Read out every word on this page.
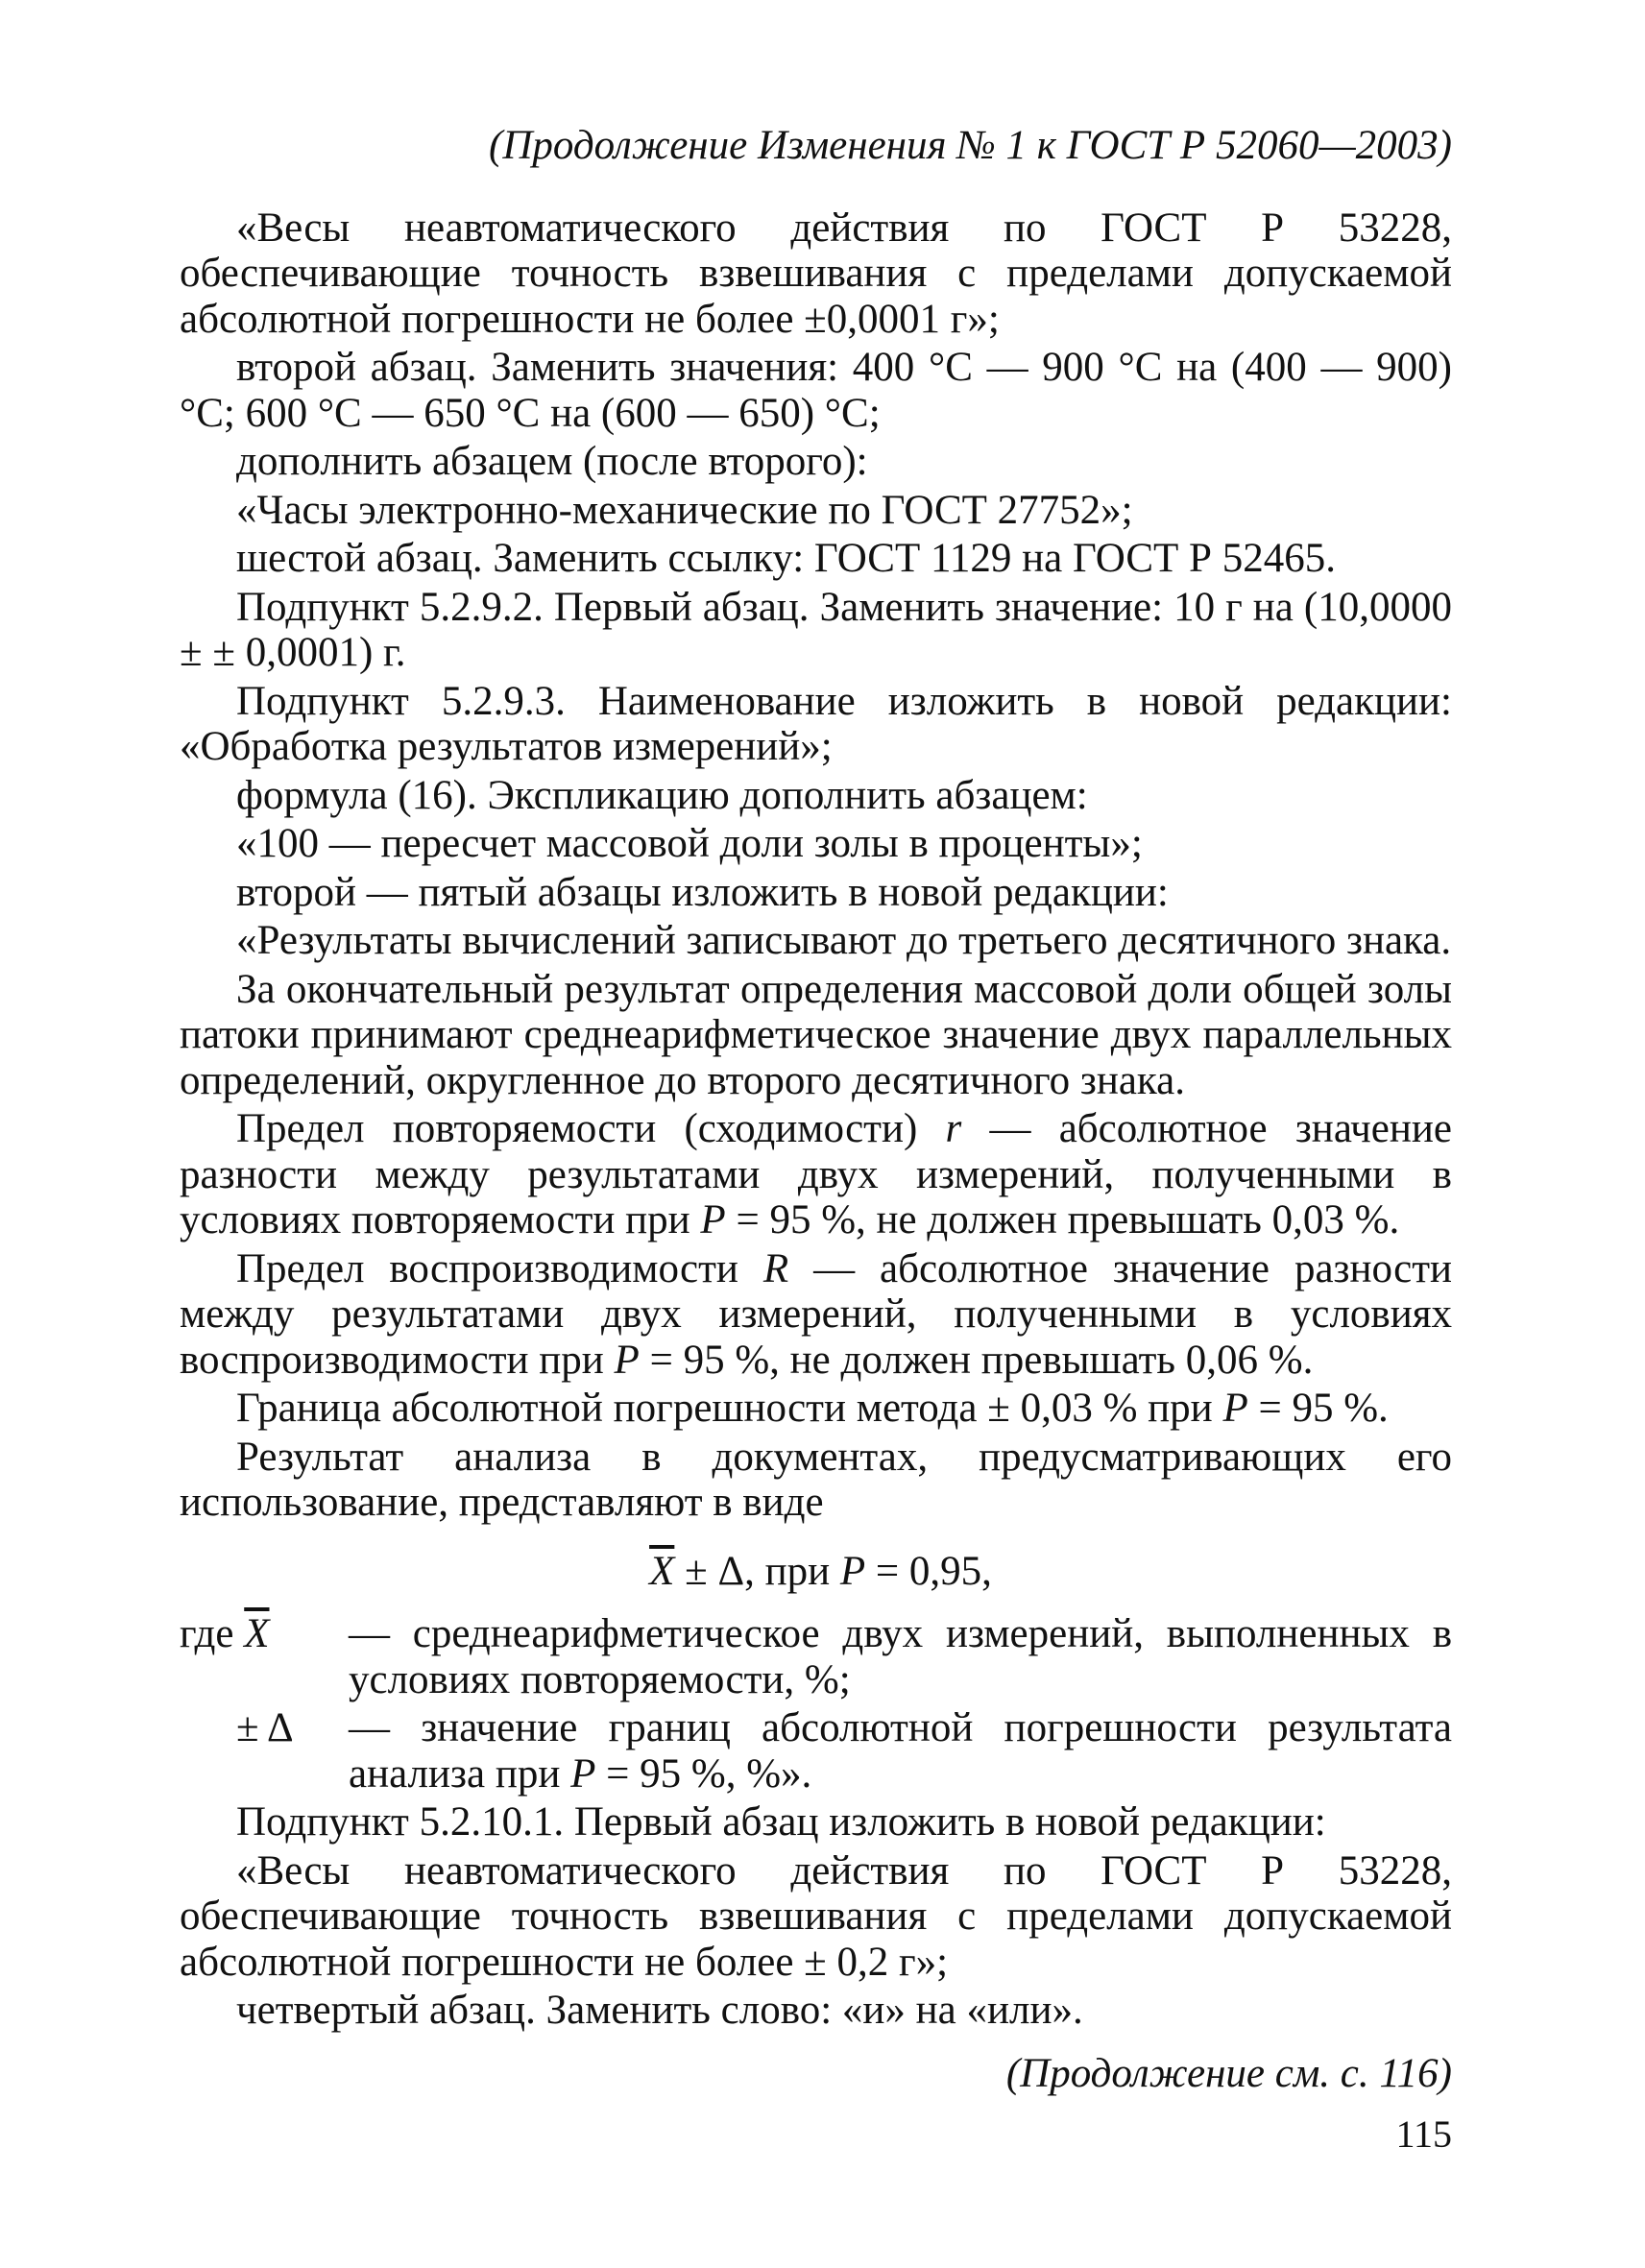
(Продолжение Изменения № 1 к ГОСТ Р 52060—2003)

«Весы неавтоматического действия по ГОСТ Р 53228, обеспечивающие точность взвешивания с пределами допускаемой абсолютной погрешности не более ±0,0001 г»;

второй абзац. Заменить значения: 400 °С — 900 °С на (400 — 900) °С; 600 °С — 650 °С на (600 — 650) °С;

дополнить абзацем (после второго):

«Часы электронно-механические по ГОСТ 27752»;

шестой абзац. Заменить ссылку: ГОСТ 1129 на ГОСТ Р 52465.

Подпункт 5.2.9.2. Первый абзац. Заменить значение: 10 г на (10,0000 ± ± 0,0001) г.

Подпункт 5.2.9.3. Наименование изложить в новой редакции: «Обработка результатов измерений»;

формула (16). Экспликацию дополнить абзацем:

«100 — пересчет массовой доли золы в проценты»;

второй — пятый абзацы изложить в новой редакции:

«Результаты вычислений записывают до третьего десятичного знака.

За окончательный результат определения массовой доли общей золы патоки принимают среднеарифметическое значение двух параллельных определений, округленное до второго десятичного знака.

Предел повторяемости (сходимости) r — абсолютное значение разности между результатами двух измерений, полученными в условиях повторяемости при P = 95 %, не должен превышать 0,03 %.

Предел воспроизводимости R — абсолютное значение разности между результатами двух измерений, полученными в условиях воспроизводимости при P = 95 %, не должен превышать 0,06 %.

Граница абсолютной погрешности метода ± 0,03 % при P = 95 %.

Результат анализа в документах, предусматривающих его использование, представляют в виде

$\overline{X} \pm \Delta$, при P = 0,95,
где $\overline{X}$ — среднеарифметическое двух измерений, выполненных в условиях повторяемости, %;
± Δ — значение границ абсолютной погрешности результата анализа при P = 95 %, %».

Подпункт 5.2.10.1. Первый абзац изложить в новой редакции:

«Весы неавтоматического действия по ГОСТ Р 53228, обеспечивающие точность взвешивания с пределами допускаемой абсолютной погрешности не более ± 0,2 г»;

четвертый абзац. Заменить слово: «и» на «или».

(Продолжение см. с. 116)
115
